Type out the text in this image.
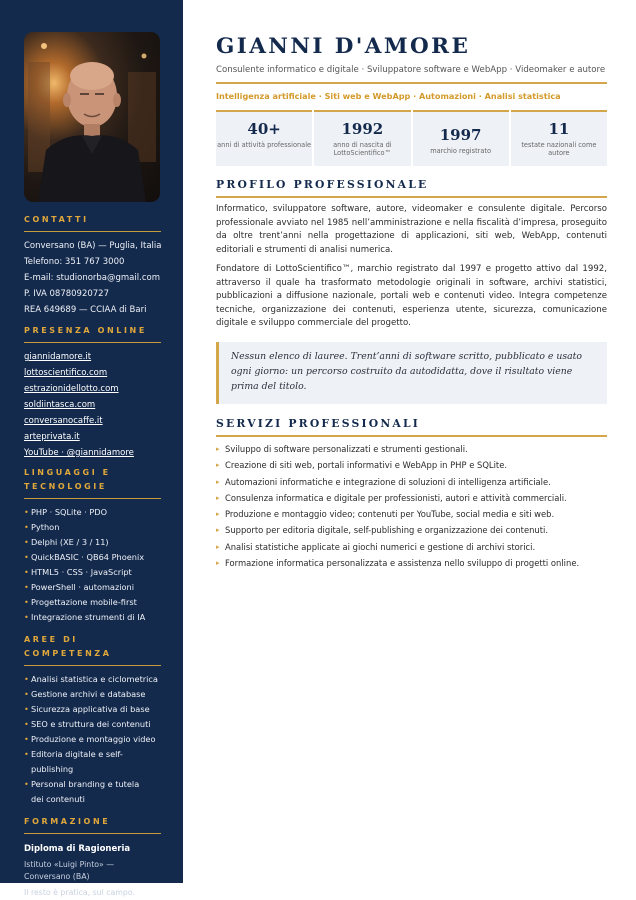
CONTATTI
Conversano (BA) — Puglia, Italia
Telefono: 351 767 3000
E-mail: studionorba@gmail.com
P. IVA 08780920727
REA 649689 — CCIAA di Bari
PRESENZA ONLINE
giannidamore.it
lottoscientifico.com
estrazionidellotto.com
soldiintasca.com
conversanocaffe.it
arteprivata.it
YouTube · @giannidamore
LINGUAGGI E
TECNOLOGIE
• PHP · SQLite · PDO
• Python
• Delphi (XE / 3 / 11)
• QuickBASIC · QB64 Phoenix
• HTML5 · CSS · JavaScript
• PowerShell · automazioni
• Progettazione mobile-first
• Integrazione strumenti di IA
AREE DI COMPETENZA
• Analisi statistica e ciclometrica
• Gestione archivi e database
• Sicurezza applicativa di base
• SEO e struttura dei contenuti
• Produzione e montaggio video
• Editoria digitale e self-publishing
• Personal branding e tutela dei contenuti
FORMAZIONE
Diploma di Ragioneria
Istituto «Luigi Pinto» — Conversano (BA)
Il resto è pratica, sul campo.
GIANNI D'AMORE
Consulente informatico e digitale · Sviluppatore software e WebApp · Videomaker e autore
Intelligenza artificiale · Siti web e WebApp · Automazioni · Analisi statistica
40+
anni di attività professionale
1992
anno di nascita di LottoScientifico™
1997
marchio registrato
11
testate nazionali come autore
PROFILO PROFESSIONALE
Informatico, sviluppatore software, autore, videomaker e consulente digitale. Percorso professionale avviato nel 1985 nell’amministrazione e nella fiscalità d’impresa, proseguito da oltre trent’anni nella progettazione di applicazioni, siti web, WebApp, contenuti editoriali e strumenti di analisi numerica.
Fondatore di LottoScientifico™, marchio registrato dal 1997 e progetto attivo dal 1992, attraverso il quale ha trasformato metodologie originali in software, archivi statistici, pubblicazioni a diffusione nazionale, portali web e contenuti video. Integra competenze tecniche, organizzazione dei contenuti, esperienza utente, sicurezza, comunicazione digitale e sviluppo commerciale del progetto.
Nessun elenco di lauree. Trent’anni di software scritto, pubblicato e usato ogni giorno: un percorso costruito da autodidatta, dove il risultato viene prima del titolo.
SERVIZI PROFESSIONALI
▸ Sviluppo di software personalizzati e strumenti gestionali.
▸ Creazione di siti web, portali informativi e WebApp in PHP e SQLite.
▸ Automazioni informatiche e integrazione di soluzioni di intelligenza artificiale.
▸ Consulenza informatica e digitale per professionisti, autori e attività commerciali.
▸ Produzione e montaggio video; contenuti per YouTube, social media e siti web.
▸ Supporto per editoria digitale, self-publishing e organizzazione dei contenuti.
▸ Analisi statistiche applicate ai giochi numerici e gestione di archivi storici.
▸ Formazione informatica personalizzata e assistenza nello sviluppo di progetti online.
